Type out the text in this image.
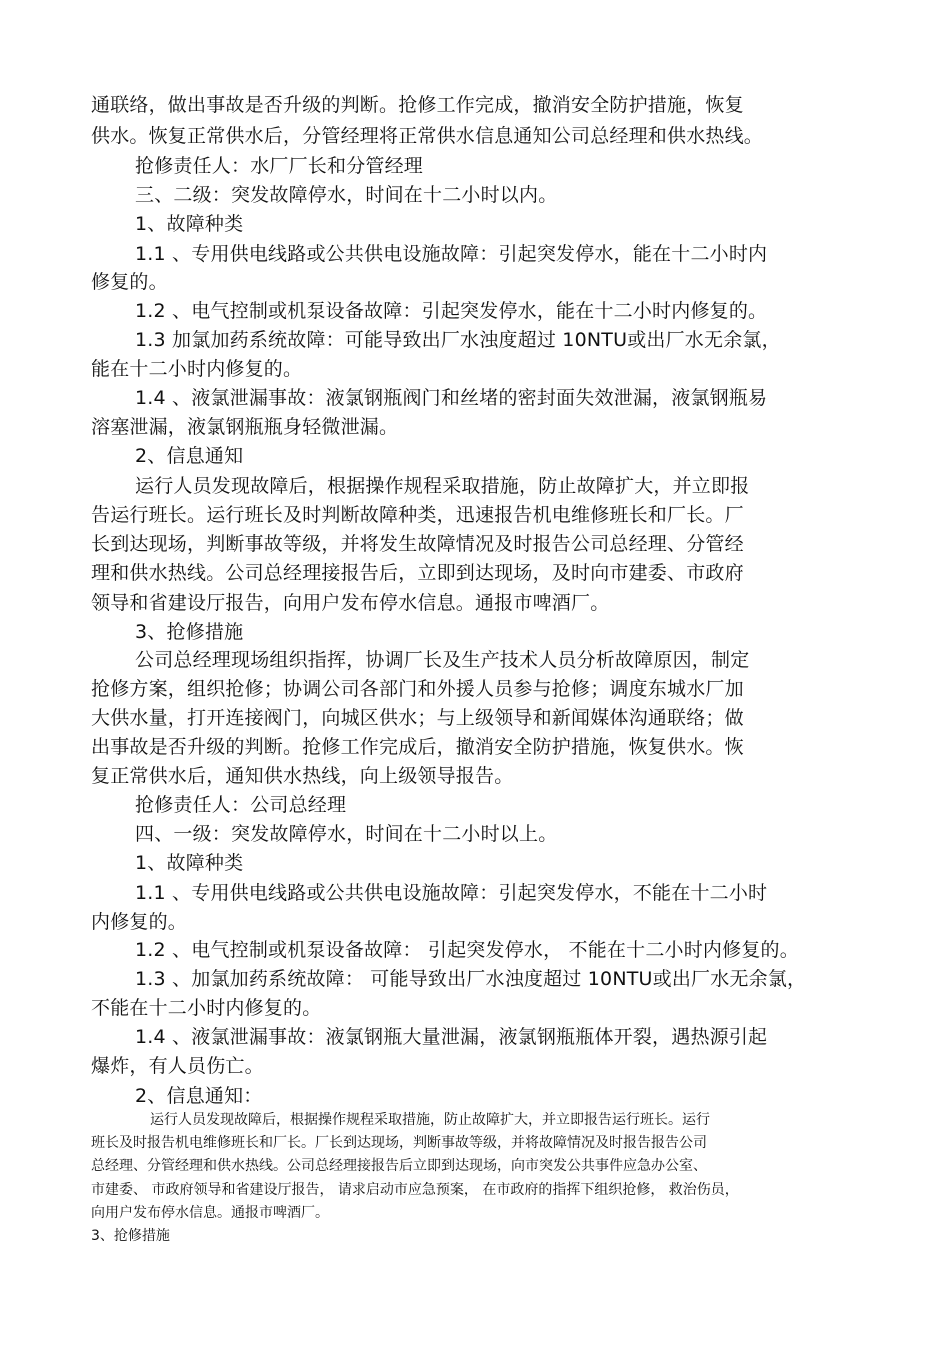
通联络，做出事故是否升级的判断。抢修工作完成，撤消安全防护措施，恢复
供水。恢复正常供水后，分管经理将正常供水信息通知公司总经理和供水热线。
抢修责任人：水厂厂长和分管经理
三、二级：突发故障停水，时间在十二小时以内。
1、故障种类
1.1 、专用供电线路或公共供电设施故障：引起突发停水，能在十二小时内
修复的。
1.2 、电气控制或机泵设备故障：引起突发停水，能在十二小时内修复的。
1.3 加氯加药系统故障：可能导致出厂水浊度超过 10NTU或出厂水无余氯，
能在十二小时内修复的。
1.4 、液氯泄漏事故：液氯钢瓶阀门和丝堵的密封面失效泄漏，液氯钢瓶易
溶塞泄漏，液氯钢瓶瓶身轻微泄漏。
2、信息通知
运行人员发现故障后，根据操作规程采取措施，防止故障扩大，并立即报
告运行班长。运行班长及时判断故障种类，迅速报告机电维修班长和厂长。厂
长到达现场，判断事故等级，并将发生故障情况及时报告公司总经理、分管经
理和供水热线。公司总经理接报告后，立即到达现场，及时向市建委、市政府
领导和省建设厅报告，向用户发布停水信息。通报市啤酒厂。
3、抢修措施
公司总经理现场组织指挥，协调厂长及生产技术人员分析故障原因，制定
抢修方案，组织抢修；协调公司各部门和外援人员参与抢修；调度东城水厂加
大供水量，打开连接阀门，向城区供水；与上级领导和新闻媒体沟通联络；做
出事故是否升级的判断。抢修工作完成后，撤消安全防护措施，恢复供水。恢
复正常供水后，通知供水热线，向上级领导报告。
抢修责任人：公司总经理
四、一级：突发故障停水，时间在十二小时以上。
1、故障种类
1.1 、专用供电线路或公共供电设施故障：引起突发停水，不能在十二小时
内修复的。
1.2 、电气控制或机泵设备故障： 引起突发停水， 不能在十二小时内修复的。
1.3 、加氯加药系统故障： 可能导致出厂水浊度超过 10NTU或出厂水无余氯，
不能在十二小时内修复的。
1.4 、液氯泄漏事故：液氯钢瓶大量泄漏，液氯钢瓶瓶体开裂，遇热源引起
爆炸，有人员伤亡。
2、信息通知：
运行人员发现故障后，根据操作规程采取措施，防止故障扩大，并立即报告运行班长。运行
班长及时报告机电维修班长和厂长。厂长到达现场，判断事故等级，并将故障情况及时报告报告公司
总经理、分管经理和供水热线。公司总经理接报告后立即到达现场，向市突发公共事件应急办公室、
市建委、 市政府领导和省建设厅报告， 请求启动市应急预案， 在市政府的指挥下组织抢修， 救治伤员，
向用户发布停水信息。通报市啤酒厂。
3、抢修措施
